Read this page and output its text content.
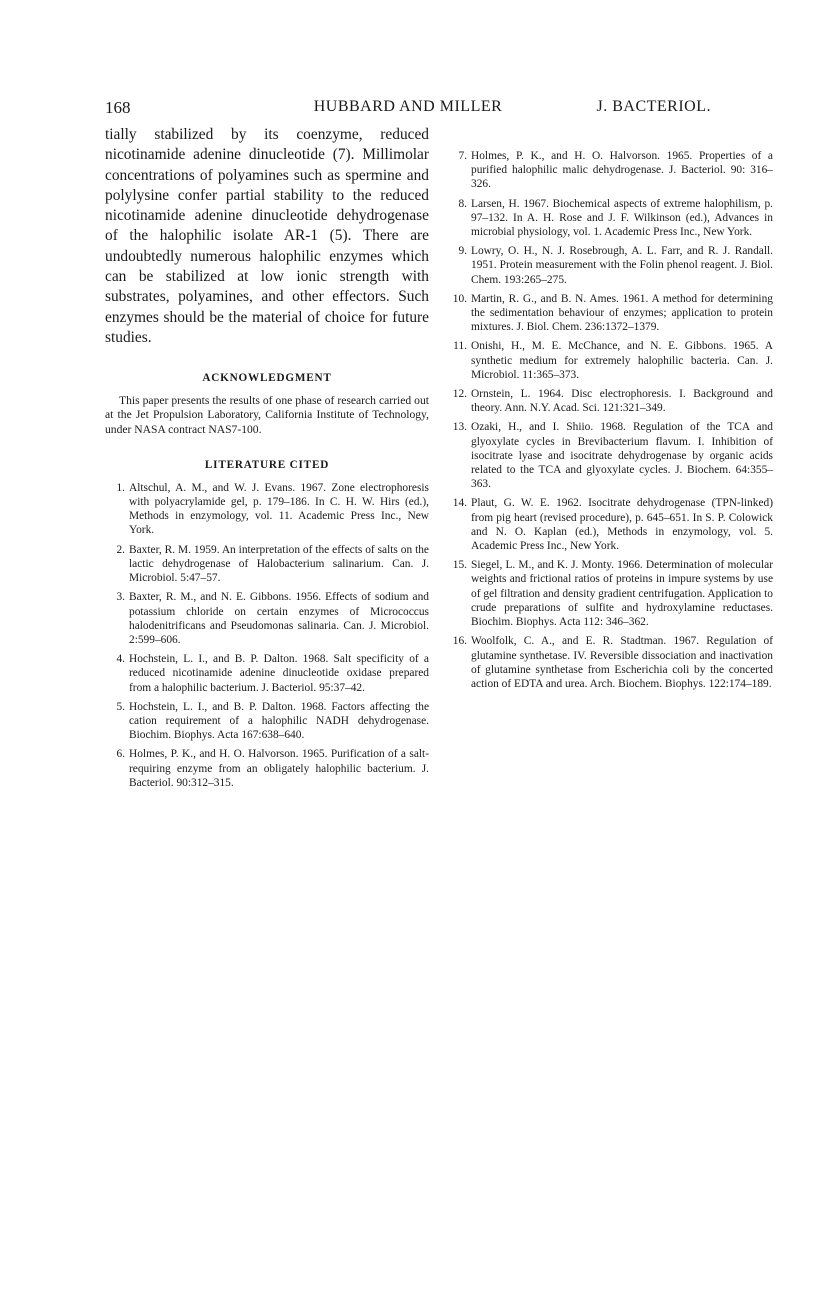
168	HUBBARD AND MILLER	J. BACTERIOL.

tially stabilized by its coenzyme, reduced nicotinamide adenine dinucleotide (7). Millimolar concentrations of polyamines such as spermine and polylysine confer partial stability to the reduced nicotinamide adenine dinucleotide dehydrogenase of the halophilic isolate AR-1 (5). There are undoubtedly numerous halophilic enzymes which can be stabilized at low ionic strength with substrates, polyamines, and other effectors. Such enzymes should be the material of choice for future studies.

ACKNOWLEDGMENT

This paper presents the results of one phase of research carried out at the Jet Propulsion Laboratory, California Institute of Technology, under NASA contract NAS7-100.

LITERATURE CITED

1 . Altschul, A. M., and W. J. Evans. 1967. Zone electrophoresis with polyacrylamide gel, p. 179–186. In C. H. W. Hirs (ed.), Methods in enzymology, vol. 11. Academic Press Inc., New York.

2 . Baxter, R. M. 1959. An interpretation of the effects of salts on the lactic dehydrogenase of Halobacterium salinarium. Can. J. Microbiol. 5:47–57.

3 . Baxter, R. M., and N. E. Gibbons. 1956. Effects of sodium and potassium chloride on certain enzymes of Micrococcus halodenitrificans and Pseudomonas salinaria. Can. J. Microbiol. 2:599–606.

4 . Hochstein, L. I., and B. P. Dalton. 1968. Salt specificity of a reduced nicotinamide adenine dinucleotide oxidase prepared from a halophilic bacterium. J. Bacteriol. 95:37–42.

5 . Hochstein, L. I., and B. P. Dalton. 1968. Factors affecting the cation requirement of a halophilic NADH dehydrogenase. Biochim. Biophys. Acta 167:638–640.

6 . Holmes, P. K., and H. O. Halvorson. 1965. Purification of a salt-requiring enzyme from an obligately halophilic bacterium. J. Bacteriol. 90:312–315.

7 . Holmes, P. K., and H. O. Halvorson. 1965. Properties of a purified halophilic malic dehydrogenase. J. Bacteriol. 90: 316–326.

8 . Larsen, H. 1967. Biochemical aspects of extreme halophilism, p. 97–132. In A. H. Rose and J. F. Wilkinson (ed.), Advances in microbial physiology, vol. 1. Academic Press Inc., New York.

9 . Lowry, O. H., N. J. Rosebrough, A. L. Farr, and R. J. Randall. 1951. Protein measurement with the Folin phenol reagent. J. Biol. Chem. 193:265–275.

10 . Martin, R. G., and B. N. Ames. 1961. A method for determining the sedimentation behaviour of enzymes; application to protein mixtures. J. Biol. Chem. 236:1372–1379.

11 . Onishi, H., M. E. McChance, and N. E. Gibbons. 1965. A synthetic medium for extremely halophilic bacteria. Can. J. Microbiol. 11:365–373.

12 . Ornstein, L. 1964. Disc electrophoresis. I. Background and theory. Ann. N.Y. Acad. Sci. 121:321–349.

13 . Ozaki, H., and I. Shiio. 1968. Regulation of the TCA and glyoxylate cycles in Brevibacterium flavum. I. Inhibition of isocitrate lyase and isocitrate dehydrogenase by organic acids related to the TCA and glyoxylate cycles. J. Biochem. 64:355–363.

14 . Plaut, G. W. E. 1962. Isocitrate dehydrogenase (TPN-linked) from pig heart (revised procedure), p. 645–651. In S. P. Colowick and N. O. Kaplan (ed.), Methods in enzymology, vol. 5. Academic Press Inc., New York.

15 . Siegel, L. M., and K. J. Monty. 1966. Determination of molecular weights and frictional ratios of proteins in impure systems by use of gel filtration and density gradient centrifugation. Application to crude preparations of sulfite and hydroxylamine reductases. Biochim. Biophys. Acta 112: 346–362.

16 . Woolfolk, C. A., and E. R. Stadtman. 1967. Regulation of glutamine synthetase. IV. Reversible dissociation and inactivation of glutamine synthetase from Escherichia coli by the concerted action of EDTA and urea. Arch. Biochem. Biophys. 122:174–189.
